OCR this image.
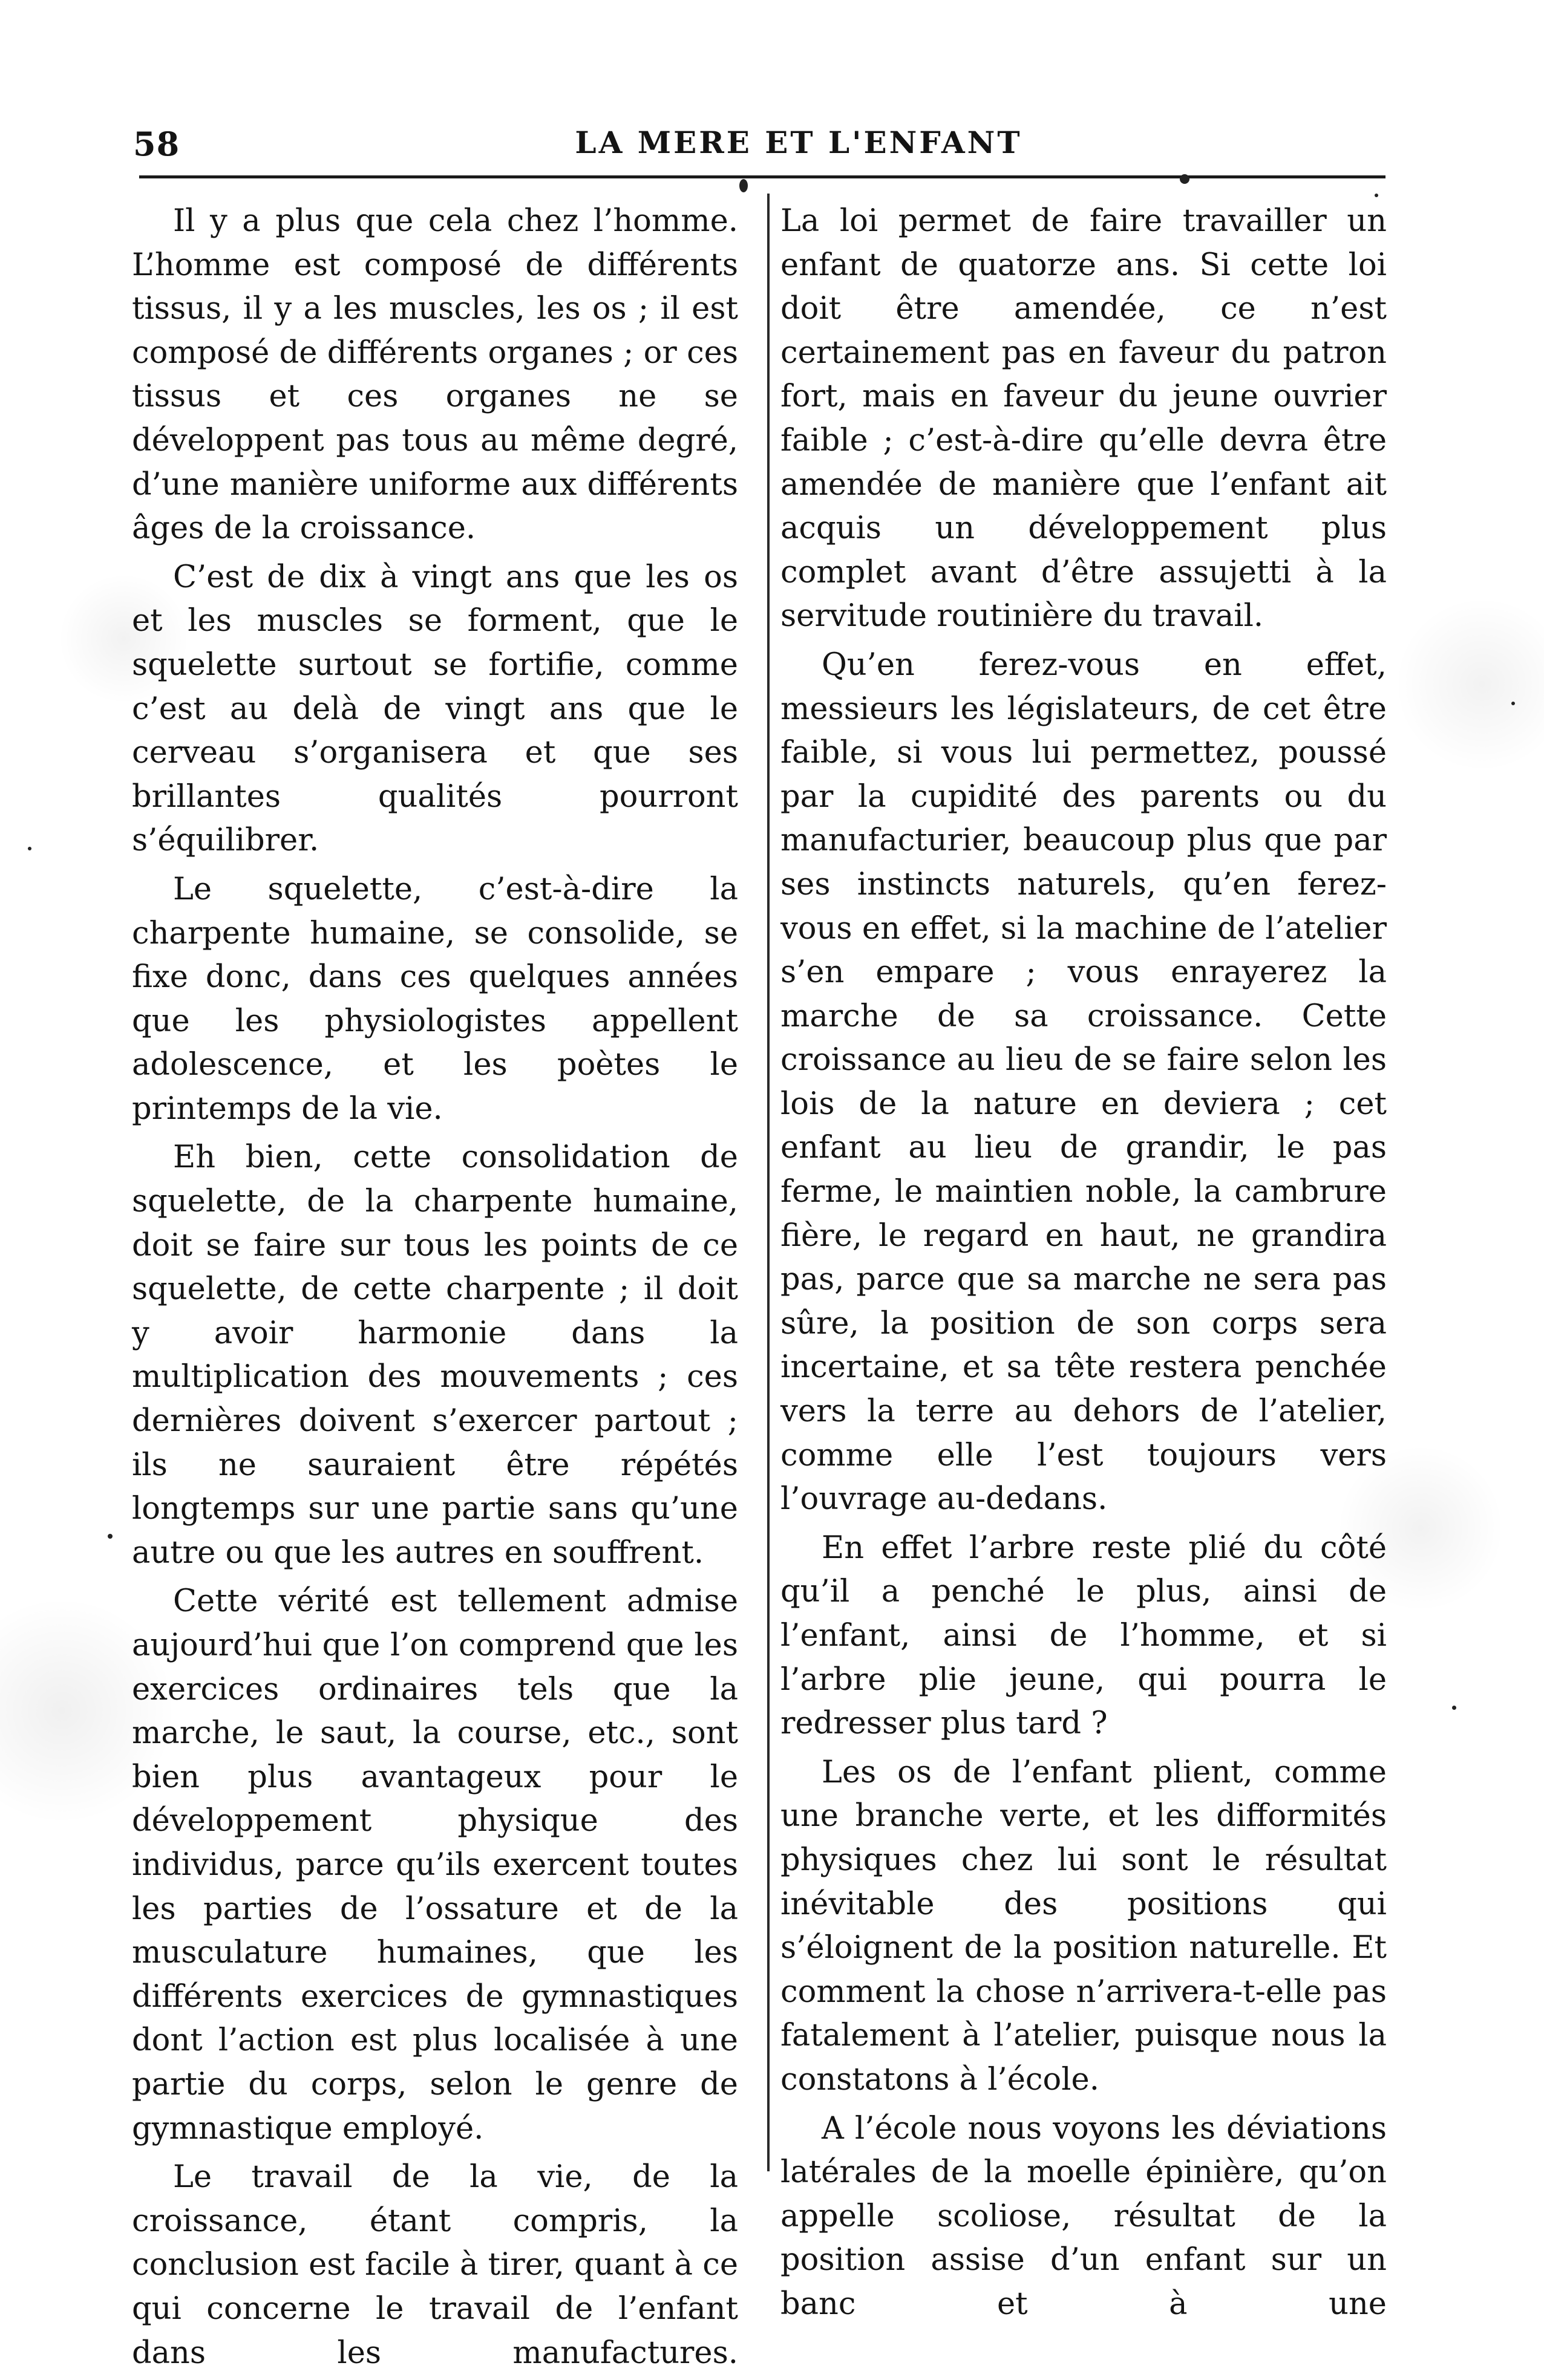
58	LA MERE ET L'ENFANT

Il y a plus que cela chez l’homme. L’homme est composé de différents tissus, il y a les muscles, les os ; il est composé de différents organes ; or ces tissus et ces organes ne se développent pas tous au même degré, d’une manière uniforme aux différents âges de la croissance.

C’est de dix à vingt ans que les os et les muscles se forment, que le squelette surtout se fortifie, comme c’est au delà de vingt ans que le cerveau s’organisera et que ses brillantes qualités pourront s’équilibrer.

Le squelette, c’est-à-dire la charpente humaine, se consolide, se fixe donc, dans ces quelques années que les physiologistes appellent adolescence, et les poètes le printemps de la vie.

Eh bien, cette consolidation de squelette, de la charpente humaine, doit se faire sur tous les points de ce squelette, de cette charpente ; il doit y avoir harmonie dans la multiplication des mouvements ; ces dernières doivent s’exercer partout ; ils ne sauraient être répétés longtemps sur une partie sans qu’une autre ou que les autres en souffrent.

Cette vérité est tellement admise aujourd’hui que l’on comprend que les exercices ordinaires tels que la marche, le saut, la course, etc., sont bien plus avantageux pour le développement physique des individus, parce qu’ils exercent toutes les parties de l’ossature et de la musculature humaines, que les différents exercices de gymnastiques dont l’action est plus localisée à une partie du corps, selon le genre de gymnastique employé.

Le travail de la vie, de la croissance, étant compris, la conclusion est facile à tirer, quant à ce qui concerne le travail de l’enfant dans les manufactures.

La loi permet de faire travailler un enfant de quatorze ans. Si cette loi doit être amendée, ce n’est certainement pas en faveur du patron fort, mais en faveur du jeune ouvrier faible ; c’est-à-dire qu’elle devra être amendée de manière que l’enfant ait acquis un développement plus complet avant d’être assujetti à la servitude routinière du travail.

Qu’en ferez-vous en effet, messieurs les législateurs, de cet être faible, si vous lui permettez, poussé par la cupidité des parents ou du manufacturier, beaucoup plus que par ses instincts naturels, qu’en ferez-vous en effet, si la machine de l’atelier s’en empare ; vous enrayerez la marche de sa croissance. Cette croissance au lieu de se faire selon les lois de la nature en deviera ; cet enfant au lieu de grandir, le pas ferme, le maintien noble, la cambrure fière, le regard en haut, ne grandira pas, parce que sa marche ne sera pas sûre, la position de son corps sera incertaine, et sa tête restera penchée vers la terre au dehors de l’atelier, comme elle l’est toujours vers l’ouvrage au-dedans.

En effet l’arbre reste plié du côté qu’il a penché le plus, ainsi de l’enfant, ainsi de l’homme, et si l’arbre plie jeune, qui pourra le redresser plus tard ?

Les os de l’enfant plient, comme une branche verte, et les difformités physiques chez lui sont le résultat inévitable des positions qui s’éloignent de la position naturelle. Et comment la chose n’arrivera-t-elle pas fatalement à l’atelier, puisque nous la constatons à l’école.

A l’école nous voyons les déviations latérales de la moelle épinière, qu’on appelle scoliose, résultat de la position assise d’un enfant sur un banc et à une
